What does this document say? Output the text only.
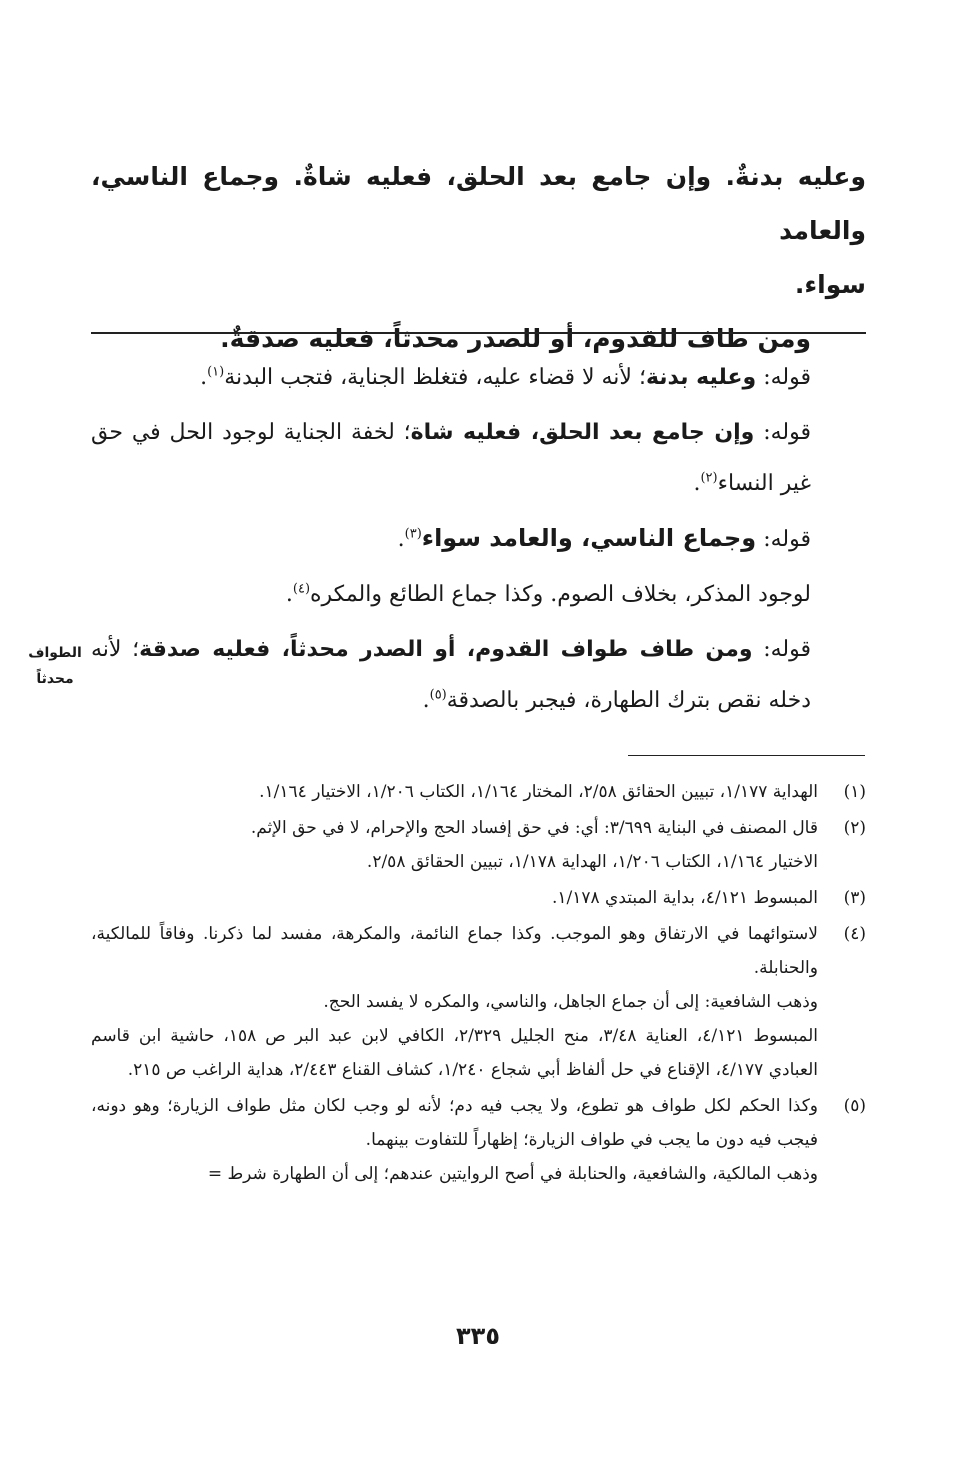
وعليه بدنةٌ. وإن جامع بعد الحلق، فعليه شاةٌ. وجماع الناسي، والعامد

سواء.

ومن طاف للقدوم، أو للصدر محدثاً، فعليه صدقةٌ.

قوله: وعليه بدنة؛ لأنه لا قضاء عليه، فتغلظ الجناية، فتجب البدنة$^{(١)}$.

قوله: وإن جامع بعد الحلق، فعليه شاة؛ لخفة الجناية لوجود الحل في حق غير النساء$^{(٢)}$.

قوله: وجماع الناسي، والعامد سواء$^{(٣)}$.

لوجود المذكر، بخلاف الصوم. وكذا جماع الطائع والمكره$^{(٤)}$.

قوله: ومن طاف طواف القدوم، أو الصدر محدثاً، فعليه صدقة؛ لأنه دخله نقص بترك الطهارة، فيجبر بالصدقة$^{(٥)}$.

الطواف
محدثاً
(١)
الهداية ١/١٧٧، تبيين الحقائق ٢/٥٨، المختار ١/١٦٤، الكتاب ١/٢٠٦، الاختيار ١/١٦٤.
(٢)
قال المصنف في البناية ٣/٦٩٩: أي: في حق إفساد الحج والإحرام، لا في حق الإثم.
الاختيار ١/١٦٤، الكتاب ١/٢٠٦، الهداية ١/١٧٨، تبيين الحقائق ٢/٥٨.
(٣)
المبسوط ٤/١٢١، بداية المبتدي ١/١٧٨.
(٤)
لاستوائهما في الارتفاق وهو الموجب. وكذا جماع النائمة، والمكرهة، مفسد لما ذكرنا. وفاقاً للمالكية، والحنابلة.
وذهب الشافعية: إلى أن جماع الجاهل، والناسي، والمكره لا يفسد الحج.
المبسوط ٤/١٢١، العناية ٣/٤٨، منح الجليل ٢/٣٢٩، الكافي لابن عبد البر ص ١٥٨، حاشية ابن قاسم العبادي ٤/١٧٧، الإقناع في حل ألفاظ أبي شجاع ١/٢٤٠، كشاف القناع ٢/٤٤٣، هداية الراغب ص ٢١٥.
(٥)
وكذا الحكم لكل طواف هو تطوع، ولا يجب فيه دم؛ لأنه لو وجب لكان مثل طواف الزيارة؛ وهو دونه، فيجب فيه دون ما يجب في طواف الزيارة؛ إظهاراً للتفاوت بينهما.
وذهب المالكية، والشافعية، والحنابلة في أصح الروايتين عندهم؛ إلى أن الطهارة شرط =
٣٣٥
